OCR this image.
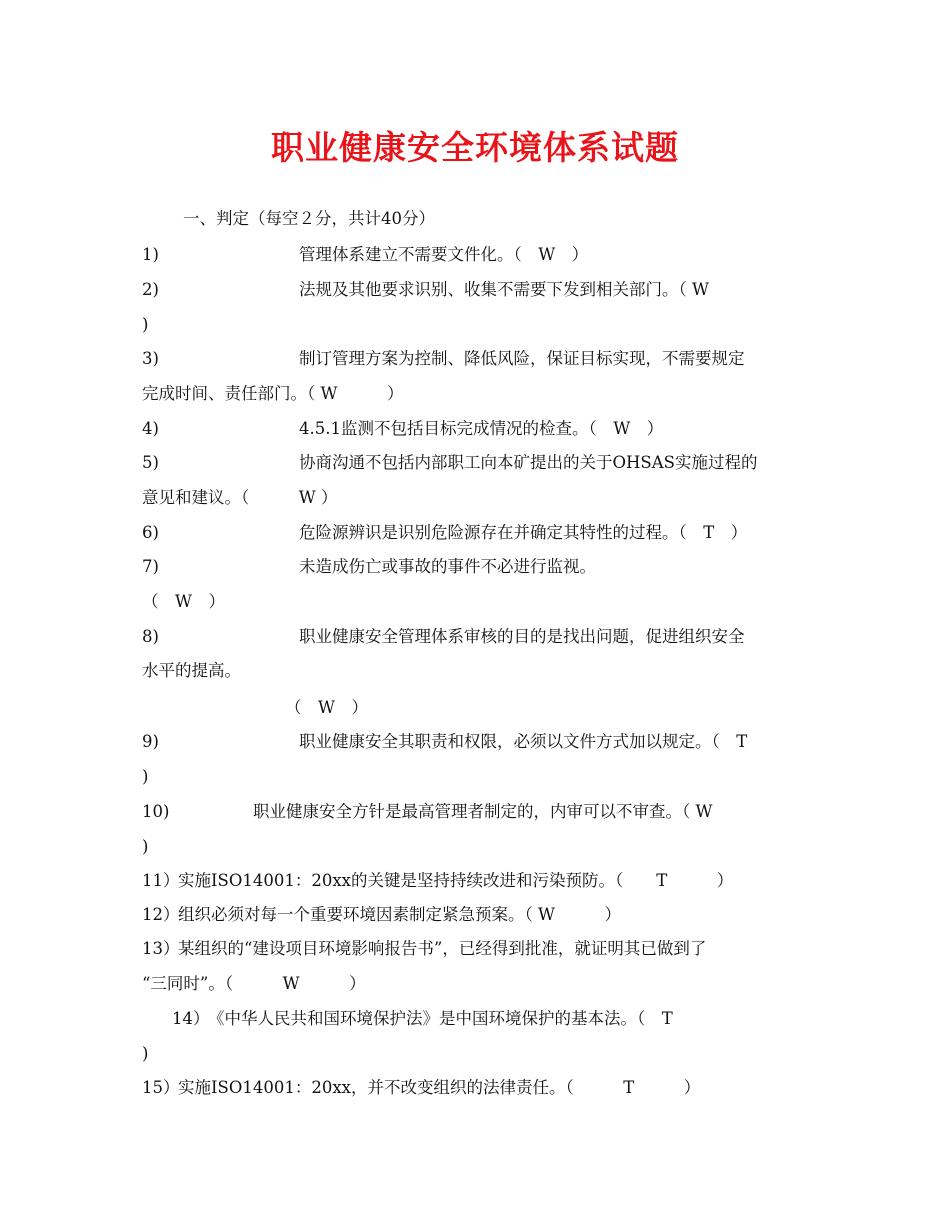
职业健康安全环境体系试题
一、判定（每空２分，共计40分）
1)	管理体系建立不需要文件化。（　W　）
2)	法规及其他要求识别、收集不需要下发到相关部门。（ W
)
3)	制订管理方案为控制、降低风险，保证目标实现，不需要规定
完成时间、责任部门。（ W　　　）
4)	4.5.1监测不包括目标完成情况的检查。（　W　）
5)	协商沟通不包括内部职工向本矿提出的关于OHSAS实施过程的
意见和建议。（　　　W ）
6)	危险源辨识是识别危险源存在并确定其特性的过程。（　T　）
7)	未造成伤亡或事故的事件不必进行监视。
（　W　）
8)	职业健康安全管理体系审核的目的是找出问题，促进组织安全
水平的提高。
（　W　）
9)	职业健康安全其职责和权限，必须以文件方式加以规定。（　T
)
10)	职业健康安全方针是最高管理者制定的，内审可以不审查。（ W
)
11）
实施ISO14001：20xx的关键是坚持持续改进和污染预防。（　　T　　　）
12）
组织必须对每一个重要环境因素制定紧急预案。（ W　　　）
13）
某组织的“建设项目环境影响报告书”，已经得到批准，就证明其已做到了
“三同时”。（　　　W　　　）
14）
《中华人民共和国环境保护法》是中国环境保护的基本法。（　T
)
15）
实施ISO14001：20xx，并不改变组织的法律责任。（　　　T　　　）
